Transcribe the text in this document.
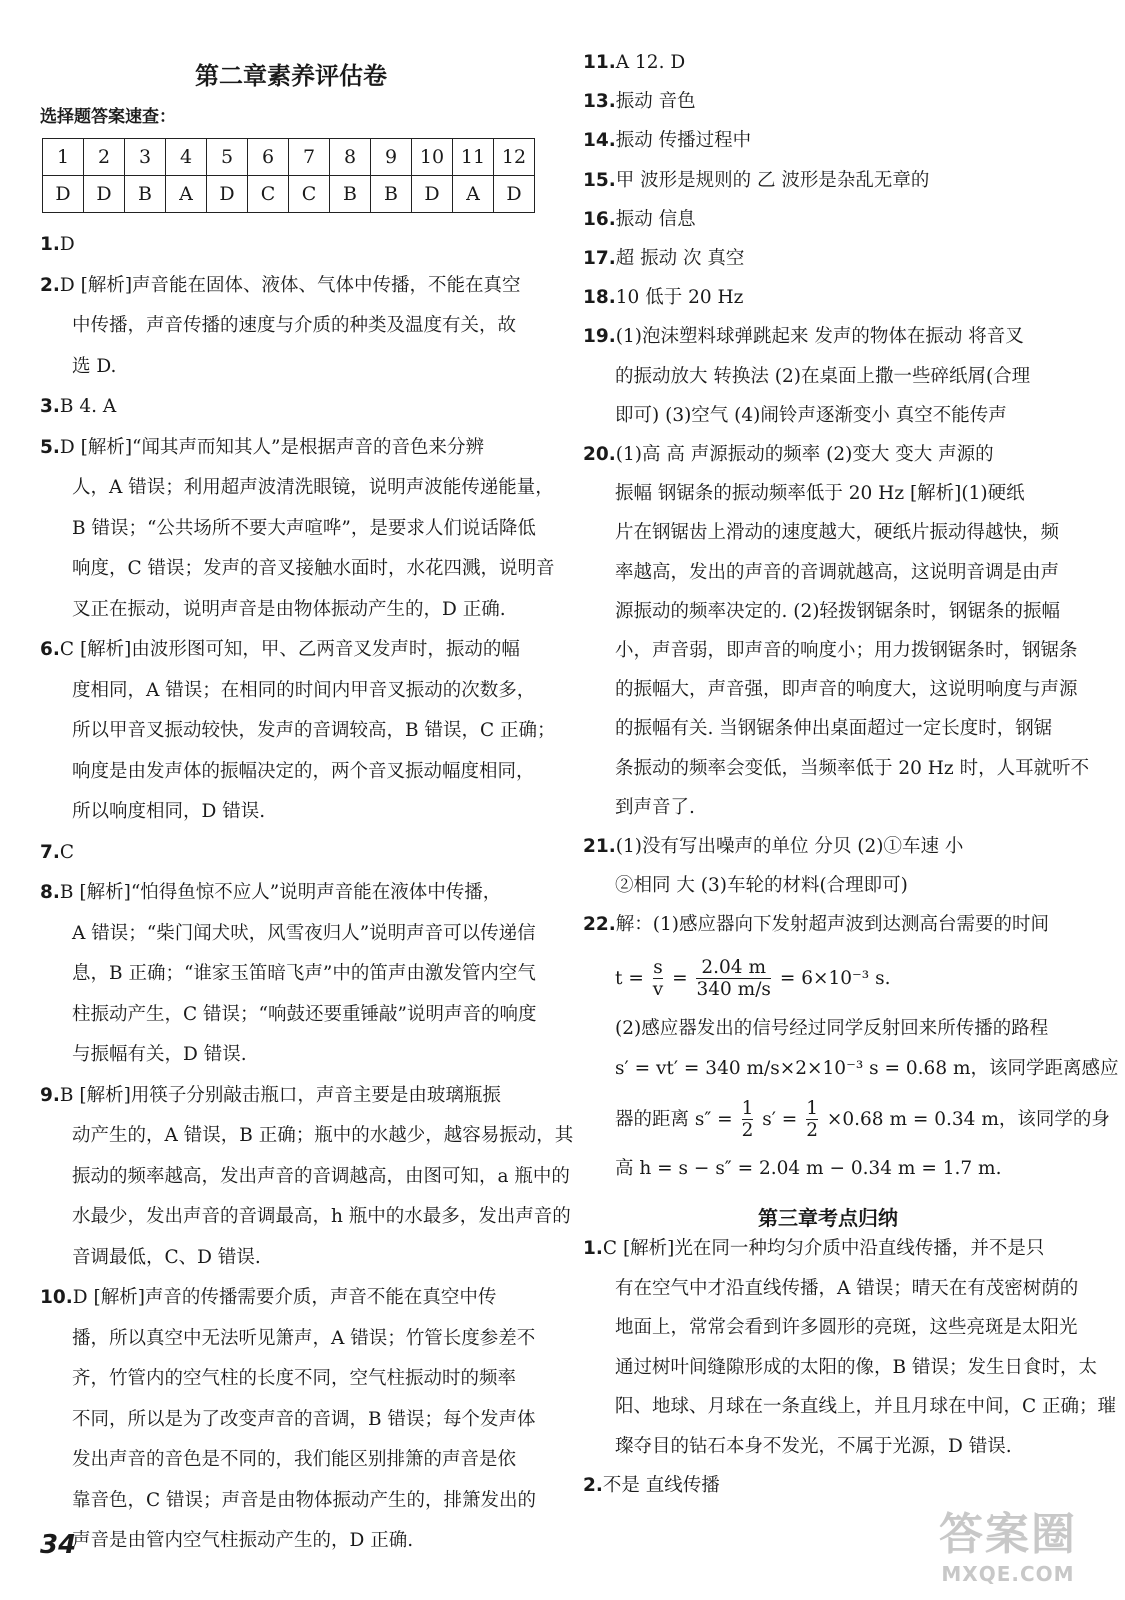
第二章素养评估卷
选择题答案速查：
1	2	3	4	5	6	7	8	9	10	11	12
D	D	B	A	D	C	C	B	B	D	A	D
1.D
2.D [解析]声音能在固体、液体、气体中传播，不能在真空
中传播，声音传播的速度与介质的种类及温度有关，故
选 D.
3.B 4. A
5.D [解析]“闻其声而知其人”是根据声音的音色来分辨
人，A 错误；利用超声波清洗眼镜，说明声波能传递能量，
B 错误；“公共场所不要大声喧哗”，是要求人们说话降低
响度，C 错误；发声的音叉接触水面时，水花四溅，说明音
叉正在振动，说明声音是由物体振动产生的，D 正确.
6.C [解析]由波形图可知，甲、乙两音叉发声时，振动的幅
度相同，A 错误；在相同的时间内甲音叉振动的次数多，
所以甲音叉振动较快，发声的音调较高，B 错误，C 正确；
响度是由发声体的振幅决定的，两个音叉振动幅度相同，
所以响度相同，D 错误.
7.C
8.B [解析]“怕得鱼惊不应人”说明声音能在液体中传播，
A 错误；“柴门闻犬吠，风雪夜归人”说明声音可以传递信
息，B 正确；“谁家玉笛暗飞声”中的笛声由激发管内空气
柱振动产生，C 错误；“响鼓还要重锤敲”说明声音的响度
与振幅有关，D 错误.
9.B [解析]用筷子分别敲击瓶口，声音主要是由玻璃瓶振
动产生的，A 错误，B 正确；瓶中的水越少，越容易振动，其
振动的频率越高，发出声音的音调越高，由图可知，a 瓶中的
水最少，发出声音的音调最高，h 瓶中的水最多，发出声音的
音调最低，C、D 错误.
10.D [解析]声音的传播需要介质，声音不能在真空中传
播，所以真空中无法听见箫声，A 错误；竹管长度参差不
齐，竹管内的空气柱的长度不同，空气柱振动时的频率
不同，所以是为了改变声音的音调，B 错误；每个发声体
发出声音的音色是不同的，我们能区别排箫的声音是依
靠音色，C 错误；声音是由物体振动产生的，排箫发出的
声音是由管内空气柱振动产生的，D 正确.
11.A 12. D
13.振动 音色
14.振动 传播过程中
15.甲 波形是规则的 乙 波形是杂乱无章的
16.振动 信息
17.超 振动 次 真空
18.10 低于 20 Hz
19.(1)泡沫塑料球弹跳起来 发声的物体在振动 将音叉
的振动放大 转换法 (2)在桌面上撒一些碎纸屑(合理
即可) (3)空气 (4)闹铃声逐渐变小 真空不能传声
20.(1)高 高 声源振动的频率 (2)变大 变大 声源的
振幅 钢锯条的振动频率低于 20 Hz [解析](1)硬纸
片在钢锯齿上滑动的速度越大，硬纸片振动得越快，频
率越高，发出的声音的音调就越高，这说明音调是由声
源振动的频率决定的. (2)轻拨钢锯条时，钢锯条的振幅
小，声音弱，即声音的响度小；用力拨钢锯条时，钢锯条
的振幅大，声音强，即声音的响度大，这说明响度与声源
的振幅有关. 当钢锯条伸出桌面超过一定长度时，钢锯
条振动的频率会变低，当频率低于 20 Hz 时，人耳就听不
到声音了.
21.(1)没有写出噪声的单位 分贝 (2)①车速 小
②相同 大 (3)车轮的材料(合理即可)
22.解：(1)感应器向下发射超声波到达测高台需要的时间
$t = \frac{s}{v} = \frac{2.04 m}{340 m/s} = 6\times 10^{-3}$ s.
(2)感应器发出的信号经过同学反射回来所传播的路程
s′ = vt′ = 340 m/s×2×10⁻³ s = 0.68 m，该同学距离感应
器的距离 $s'' = \frac{1}{2} s' = \frac{1}{2} \times 0.68$ m = 0.34 m，该同学的身
高 h = s − s″ = 2.04 m − 0.34 m = 1.7 m.
第三章考点归纳
1.C [解析]光在同一种均匀介质中沿直线传播，并不是只
有在空气中才沿直线传播，A 错误；晴天在有茂密树荫的
地面上，常常会看到许多圆形的亮斑，这些亮斑是太阳光
通过树叶间缝隙形成的太阳的像，B 错误；发生日食时，太
阳、地球、月球在一条直线上，并且月球在中间，C 正确；璀
璨夺目的钻石本身不发光，不属于光源，D 错误.
2.不是 直线传播
34	答案圈
MXQE.COM
